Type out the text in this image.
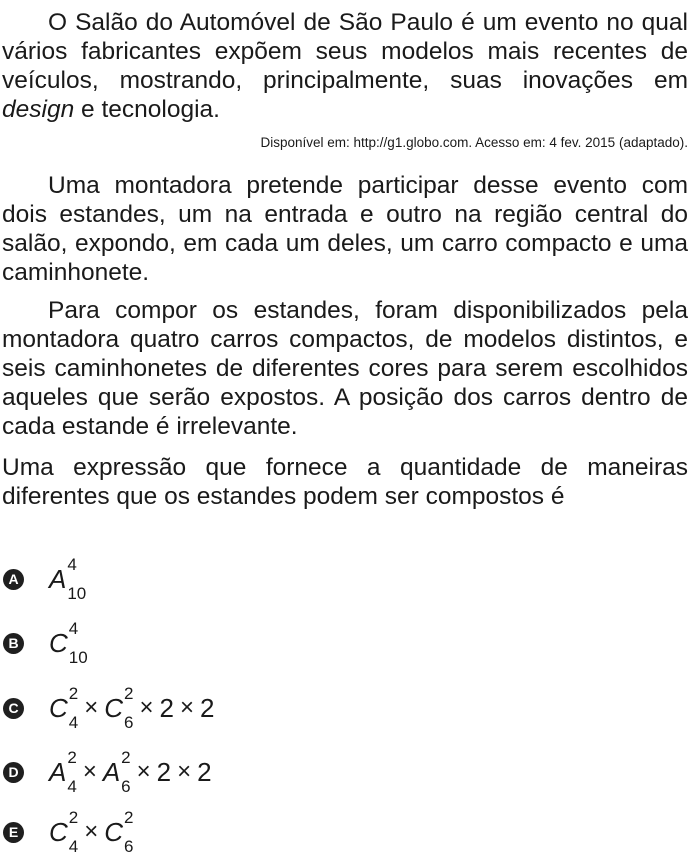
O Salão do Automóvel de São Paulo é um evento no qual vários fabricantes expõem seus modelos mais recentes de veículos, mostrando, principalmente, suas inovações em design e tecnologia.

Disponível em: http://g1.globo.com. Acesso em: 4 fev. 2015 (adaptado).

Uma montadora pretende participar desse evento com dois estandes, um na entrada e outro na região central do salão, expondo, em cada um deles, um carro compacto e uma caminhonete.

Para compor os estandes, foram disponibilizados pela montadora quatro carros compactos, de modelos distintos, e seis caminhonetes de diferentes cores para serem escolhidos aqueles que serão expostos. A posição dos carros dentro de cada estande é irrelevante.

Uma expressão que fornece a quantidade de maneiras diferentes que os estandes podem ser compostos é

A A 4
10
B C 4
10
C C 2
4
× C 2
6
× 2 × 2
D A 2
4
× A 2
6
× 2 × 2
E C 2
4
× C 2
6
